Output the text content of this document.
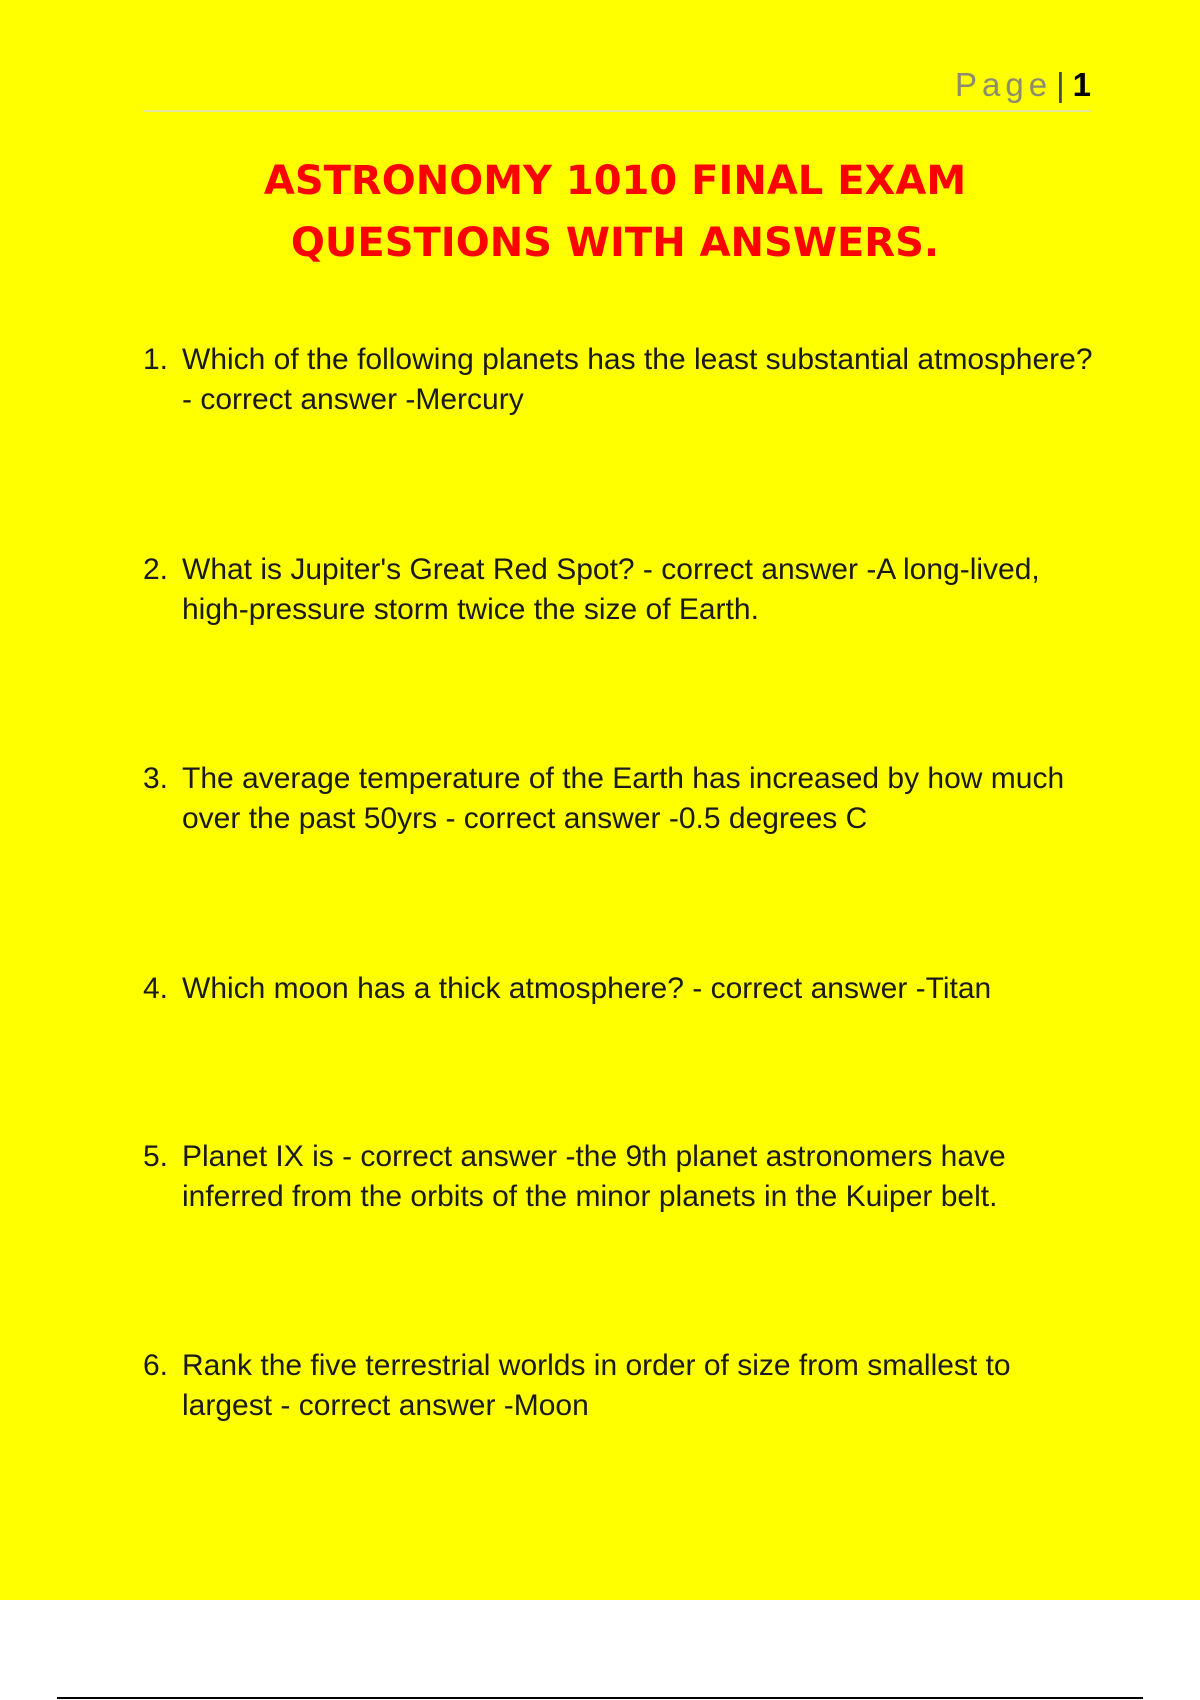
Page | 1
ASTRONOMY 1010 FINAL EXAM
QUESTIONS WITH ANSWERS.
1. Which of the following planets has the least substantial atmosphere? - correct answer -Mercury
2. What is Jupiter's Great Red Spot? - correct answer -A long-lived, high-pressure storm twice the size of Earth.
3. The average temperature of the Earth has increased by how much over the past 50yrs - correct answer -0.5 degrees C
4. Which moon has a thick atmosphere? - correct answer -Titan
5. Planet IX is - correct answer -the 9th planet astronomers have inferred from the orbits of the minor planets in the Kuiper belt.
6. Rank the five terrestrial worlds in order of size from smallest to largest - correct answer -Moon
